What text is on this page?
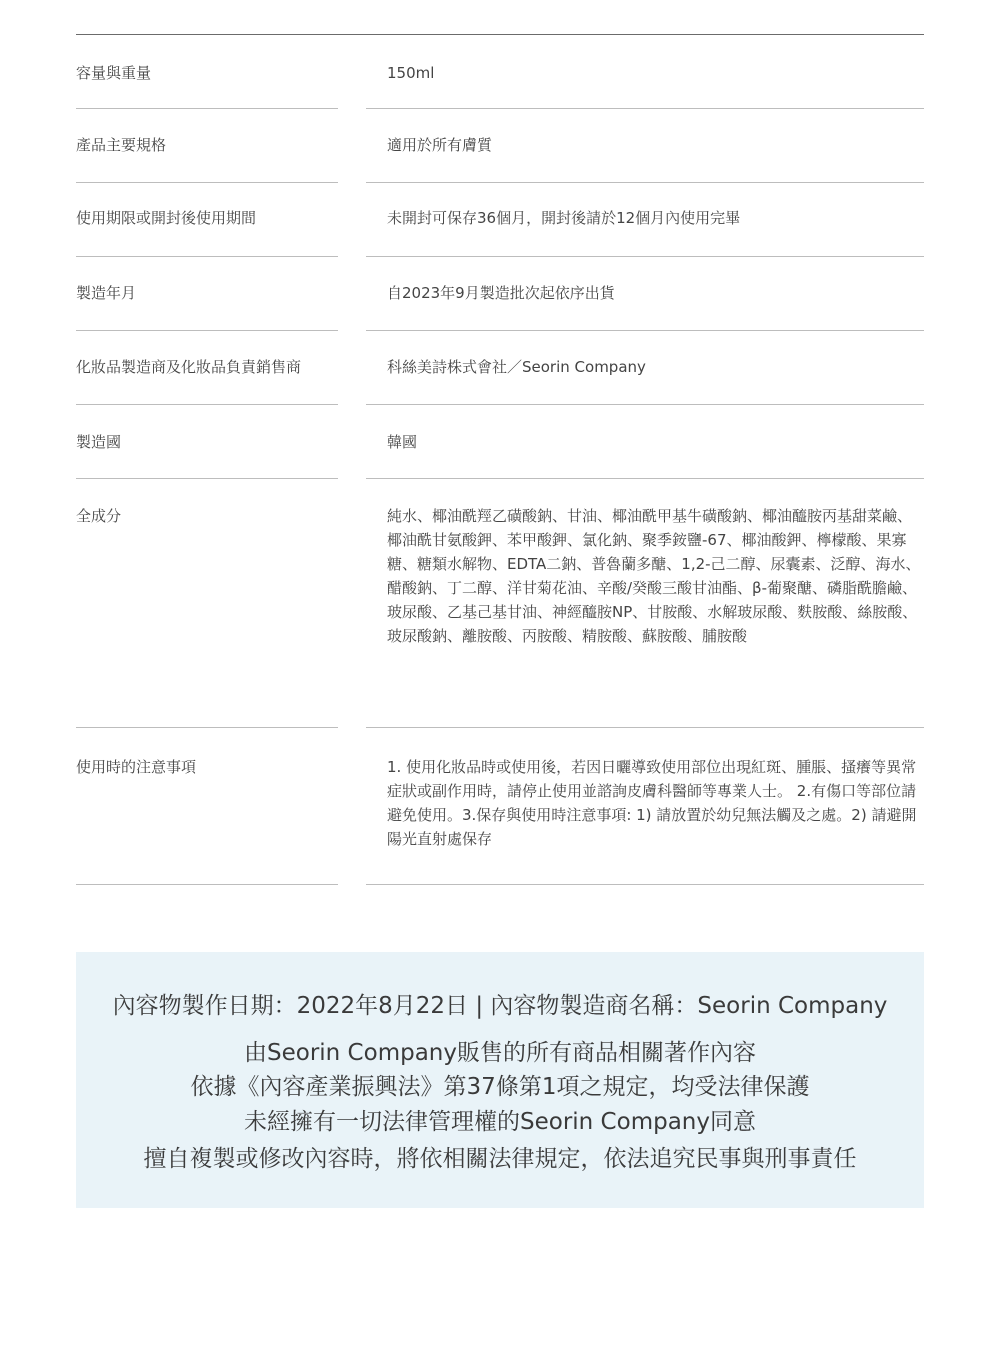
容量與重量	150ml
產品主要規格	適用於所有膚質
使用期限或開封後使用期間	未開封可保存36個月，開封後請於12個月內使用完畢
製造年月	自2023年9月製造批次起依序出貨
化妝品製造商及化妝品負責銷售商	科絲美詩株式會社／Seorin Company
製造國	韓國
全成分	純水、椰油酰羥乙磺酸鈉、甘油、椰油酰甲基牛磺酸鈉、椰油醯胺丙基甜菜鹼、椰油酰甘氨酸鉀、苯甲酸鉀、氯化鈉、聚季銨鹽-67、椰油酸鉀、檸檬酸、果寡糖、糖類水解物、EDTA二鈉、普魯蘭多醣、1,2-己二醇、尿囊素、泛醇、海水、醋酸鈉、丁二醇、洋甘菊花油、辛酸/癸酸三酸甘油酯、β-葡聚醣、磷脂酰膽鹼、玻尿酸、乙基己基甘油、神經醯胺NP、甘胺酸、水解玻尿酸、麩胺酸、絲胺酸、玻尿酸鈉、離胺酸、丙胺酸、精胺酸、蘇胺酸、脯胺酸
使用時的注意事項	1. 使用化妝品時或使用後，若因日曬導致使用部位出現紅斑、腫脹、搔癢等異常症狀或副作用時，請停止使用並諮詢皮膚科醫師等專業人士。 2.有傷口等部位請避免使用。3.保存與使用時注意事項: 1) 請放置於幼兒無法觸及之處。2) 請避開陽光直射處保存
內容物製作日期：2022年8月22日 | 內容物製造商名稱：Seorin Company
由Seorin Company販售的所有商品相關著作內容
依據《內容產業振興法》第37條第1項之規定，均受法律保護
未經擁有一切法律管理權的Seorin Company同意
擅自複製或修改內容時，將依相關法律規定，依法追究民事與刑事責任
